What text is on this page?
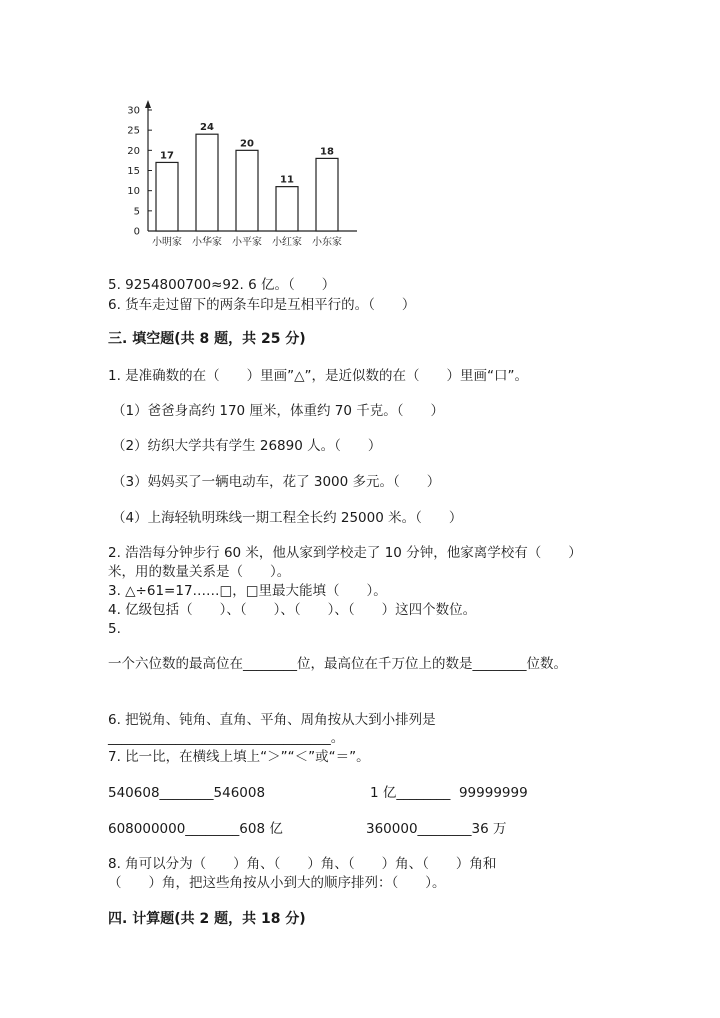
0
5
10
15
20
25
30
17
小明家
24
小华家
20
小平家
11
小红家
18
小东家
5. 9254800700≈92. 6 亿。（　　）
6. 货车走过留下的两条车印是互相平行的。（　　）
三. 填空题(共 8 题，共 25 分)
1. 是准确数的在（　　）里画”△”，是近似数的在（　　）里画“口”。
（1）爸爸身高约 170 厘米，体重约 70 千克。（　　）
（2）纺织大学共有学生 26890 人。（　　）
（3）妈妈买了一辆电动车，花了 3000 多元。（　　）
（4）上海轻轨明珠线一期工程全长约 25000 米。（　　）
2. 浩浩每分钟步行 60 米，他从家到学校走了 10 分钟，他家离学校有（　　）
米，用的数量关系是（　　）。
3. △÷61=17……□，□里最大能填（　　）。
4. 亿级包括（　　）、（　　）、（　　）、（　　）这四个数位。
5.
一个六位数的最高位在________位，最高位在千万位上的数是________位数。
6. 把锐角、钝角、直角、平角、周角按从大到小排列是
_________________________________。
7. 比一比，在横线上填上“＞”“＜”或“＝”。
540608________546008	1 亿________  99999999
608000000________608 亿	360000________36 万
8. 角可以分为（　　）角、（　　）角、（　　）角、（　　）角和
（　　）角，把这些角按从小到大的顺序排列：（　　）。
四. 计算题(共 2 题，共 18 分)
